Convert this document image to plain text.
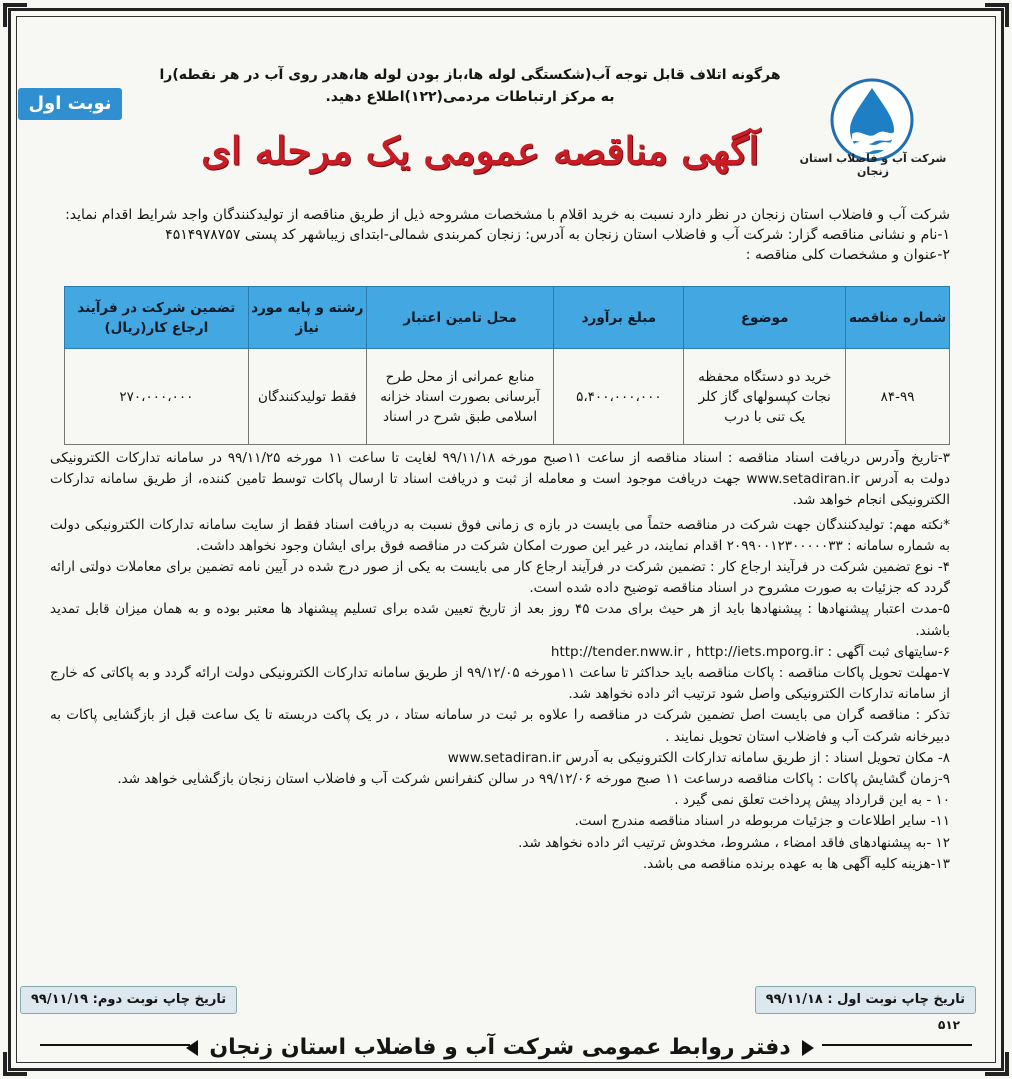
شرکت آب و فاضلاب استان زنجان
نوبت اول
هرگونه اتلاف قابل توجه آب(شکستگی لوله ها،باز بودن لوله ها،هدر روی آب در هر نقطه)را
به مرکز ارتباطات مردمی(۱۲۲)اطلاع دهید.
آگهی مناقصه عمومی یک مرحله ای

شرکت آب و فاضلاب استان زنجان در نظر دارد نسبت به خرید اقلام با مشخصات مشروحه ذیل از طریق مناقصه از تولیدکنندگان واجد شرایط اقدام نماید:

۱-نام و نشانی مناقصه گزار: شرکت آب و فاضلاب استان زنجان به آدرس: زنجان کمربندی شمالی-ابتدای زیباشهر کد پستی ۴۵۱۴۹۷۸۷۵۷

۲-عنوان و مشخصات کلی مناقصه :

شماره مناقصه	موضوع	مبلغ برآورد	محل تامین اعتبار	رشته و پایه مورد نیاز	تضمین شرکت در فرآیند ارجاع کار(ریال)
۸۴-۹۹	خرید دو دستگاه محفظه نجات کپسولهای گاز کلر یک تنی با درب	۵،۴۰۰،۰۰۰،۰۰۰	منابع عمرانی از محل طرح آبرسانی بصورت اسناد خزانه اسلامی طبق شرح در اسناد	فقط تولیدکنندگان	۲۷۰،۰۰۰،۰۰۰

۳-تاریخ وآدرس دریافت اسناد مناقصه : اسناد مناقصه از ساعت ۱۱صبح مورخه ۹۹/۱۱/۱۸ لغایت تا ساعت ۱۱ مورخه ۹۹/۱۱/۲۵ در سامانه تدارکات الکترونیکی دولت به آدرس www.setadiran.ir جهت دریافت موجود است و معامله از ثبت و دریافت اسناد تا ارسال پاکات توسط تامین کننده، از طریق سامانه تدارکات الکترونیکی انجام خواهد شد.

*نکته مهم: تولیدکنندگان جهت شرکت در مناقصه حتماً می بایست در بازه ی زمانی فوق نسبت به دریافت اسناد فقط از سایت سامانه تدارکات الکترونیکی دولت به شماره سامانه : ۲۰۹۹۰۰۱۲۳۰۰۰۰۰۳۳ اقدام نمایند، در غیر این صورت امکان شرکت در مناقصه فوق برای ایشان وجود نخواهد داشت.

۴- نوع تضمین شرکت در فرآیند ارجاع کار : تضمین شرکت در فرآیند ارجاع کار می بایست به یکی از صور درج شده در آیین نامه تضمین برای معاملات دولتی ارائه گردد که جزئیات به صورت مشروح در اسناد مناقصه توضیح داده شده است.

۵-مدت اعتبار پیشنهادها : پیشنهادها باید از هر حیث برای مدت ۴۵ روز بعد از تاریخ تعیین شده برای تسلیم پیشنهاد ها معتبر بوده و به همان میزان قابل تمدید باشند.

۶-سایتهای ثبت آگهی : http://tender.nww.ir , http://iets.mporg.ir

۷-مهلت تحویل پاکات مناقصه : پاکات مناقصه باید حداکثر تا ساعت ۱۱مورخه ۹۹/۱۲/۰۵ از طریق سامانه تدارکات الکترونیکی دولت ارائه گردد و به پاکاتی که خارج از سامانه تدارکات الکترونیکی واصل شود ترتیب اثر داده نخواهد شد.

تذکر : مناقصه گران می بایست اصل تضمین شرکت در مناقصه را علاوه بر ثبت در سامانه ستاد ، در یک پاکت دربسته تا یک ساعت قبل از بازگشایی پاکات به دبیرخانه شرکت آب و فاضلاب استان تحویل نمایند .

۸- مکان تحویل اسناد : از طریق سامانه تدارکات الکترونیکی به آدرس www.setadiran.ir

۹-زمان گشایش پاکات : پاکات مناقصه درساعت ۱۱ صبح مورخه ۹۹/۱۲/۰۶ در سالن کنفرانس شرکت آب و فاضلاب استان زنجان بازگشایی خواهد شد.

۱۰ - به این قرارداد پیش پرداخت تعلق نمی گیرد .

۱۱- سایر اطلاعات و جزئیات مربوطه در اسناد مناقصه مندرج است.

۱۲ -به پیشنهادهای فاقد امضاء ، مشروط، مخدوش ترتیب اثر داده نخواهد شد.

۱۳-هزینه کلیه آگهی ها به عهده برنده مناقصه می باشد.

تاریخ چاپ نوبت اول : ۹۹/۱۱/۱۸
تاریخ چاپ نوبت دوم: ۹۹/۱۱/۱۹
۵۱۲
دفتر روابط عمومی شرکت آب و فاضلاب استان زنجان
